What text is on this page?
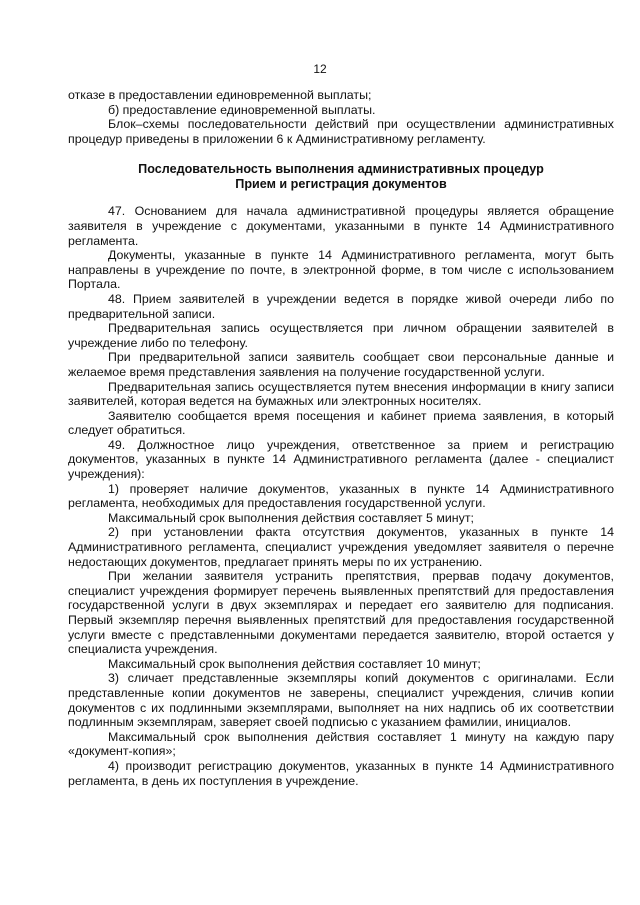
12

отказе в предоставлении единовременной выплаты;

б) предоставление единовременной выплаты.

Блок–схемы последовательности действий при осуществлении административных процедур приведены в приложении 6 к Административному регламенту.

Последовательность выполнения административных процедур
Прием и регистрация документов

47. Основанием для начала административной процедуры является обращение заявителя в учреждение с документами, указанными в пункте 14 Административного регламента.

Документы, указанные в пункте 14 Административного регламента, могут быть направлены в учреждение по почте, в электронной форме, в том числе с использованием Портала.

48. Прием заявителей в учреждении ведется в порядке живой очереди либо по предварительной записи.

Предварительная запись осуществляется при личном обращении заявителей в учреждение либо по телефону.

При предварительной записи заявитель сообщает свои персональные данные и желаемое время представления заявления на получение государственной услуги.

Предварительная запись осуществляется путем внесения информации в книгу записи заявителей, которая ведется на бумажных или электронных носителях.

Заявителю сообщается время посещения и кабинет приема заявления, в который следует обратиться.

49. Должностное лицо учреждения, ответственное за прием и регистрацию документов, указанных в пункте 14 Административного регламента (далее - специалист учреждения):

1) проверяет наличие документов, указанных в пункте 14 Административного регламента, необходимых для предоставления государственной услуги.

Максимальный срок выполнения действия составляет 5 минут;

2) при установлении факта отсутствия документов, указанных в пункте 14 Административного регламента, специалист учреждения уведомляет заявителя о перечне недостающих документов, предлагает принять меры по их устранению.

При желании заявителя устранить препятствия, прервав подачу документов, специалист учреждения формирует перечень выявленных препятствий для предоставления государственной услуги в двух экземплярах и передает его заявителю для подписания. Первый экземпляр перечня выявленных препятствий для предоставления государственной услуги вместе с представленными документами передается заявителю, второй остается у специалиста учреждения.

Максимальный срок выполнения действия составляет 10 минут;

3) сличает представленные экземпляры копий документов с оригиналами. Если представленные копии документов не заверены, специалист учреждения, сличив копии документов с их подлинными экземплярами, выполняет на них надпись об их соответствии подлинным экземплярам, заверяет своей подписью с указанием фамилии, инициалов.

Максимальный срок выполнения действия составляет 1 минуту на каждую пару «документ-копия»;

4) производит регистрацию документов, указанных в пункте 14 Административного регламента, в день их поступления в учреждение.
